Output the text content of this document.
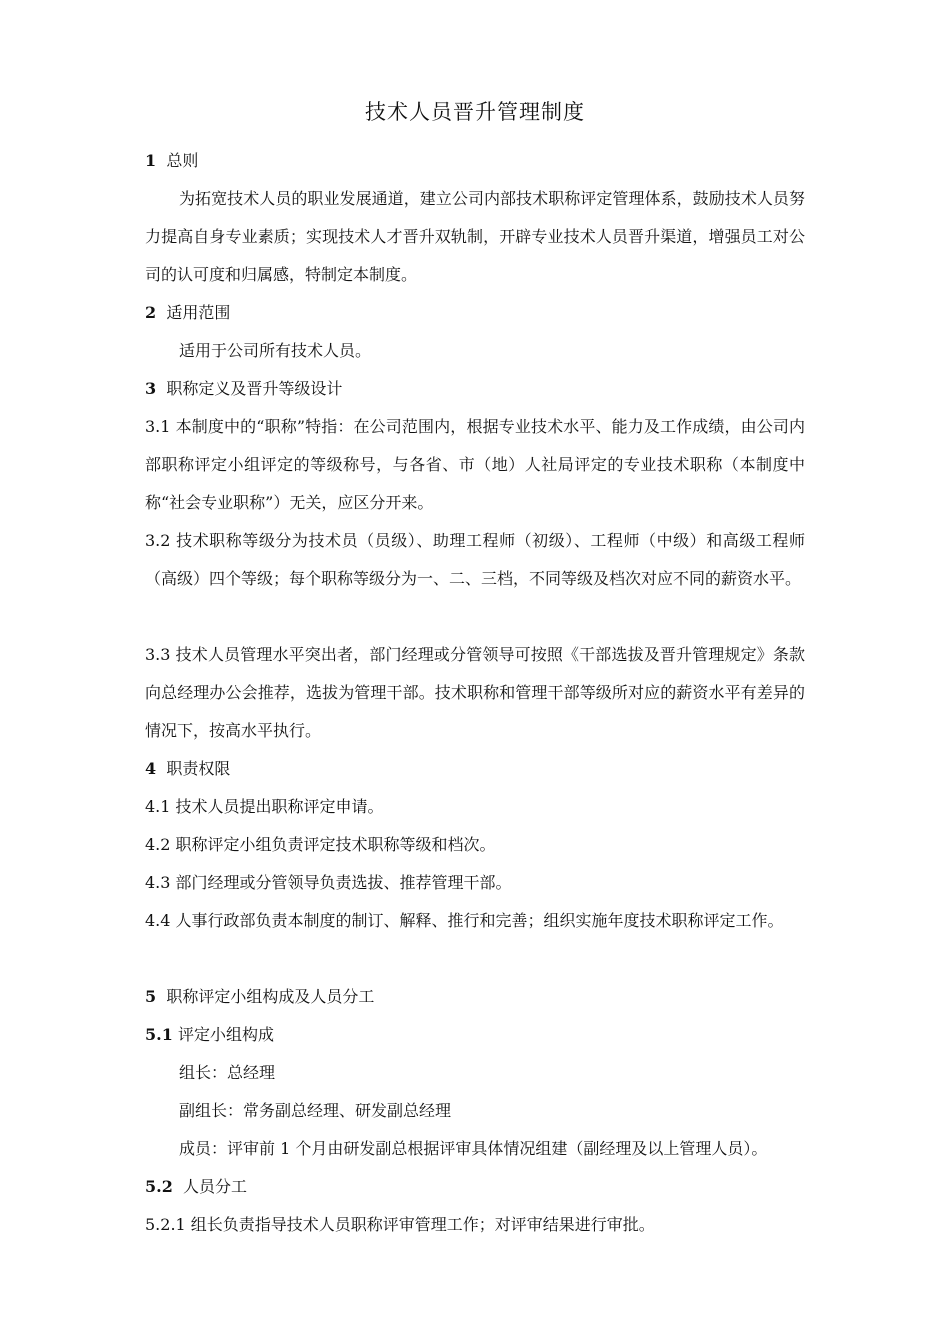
技术人员晋升管理制度

1 总则

为拓宽技术人员的职业发展通道，建立公司内部技术职称评定管理体系，鼓励技术人员努力提高自身专业素质；实现技术人才晋升双轨制，开辟专业技术人员晋升渠道，增强员工对公司的认可度和归属感，特制定本制度。

2 适用范围

适用于公司所有技术人员。

3 职称定义及晋升等级设计

3.1 本制度中的“职称”特指：在公司范围内，根据专业技术水平、能力及工作成绩，由公司内部职称评定小组评定的等级称号，与各省、市（地）人社局评定的专业技术职称（本制度中称“社会专业职称”）无关，应区分开来。

3.2 技术职称等级分为技术员（员级）、助理工程师（初级）、工程师（中级）和高级工程师（高级）四个等级；每个职称等级分为一、二、三档，不同等级及档次对应不同的薪资水平。

3.3 技术人员管理水平突出者，部门经理或分管领导可按照《干部选拔及晋升管理规定》条款向总经理办公会推荐，选拔为管理干部。技术职称和管理干部等级所对应的薪资水平有差异的情况下，按高水平执行。

4 职责权限

4.1 技术人员提出职称评定申请。

4.2 职称评定小组负责评定技术职称等级和档次。

4.3 部门经理或分管领导负责选拔、推荐管理干部。

4.4 人事行政部负责本制度的制订、解释、推行和完善；组织实施年度技术职称评定工作。

5 职称评定小组构成及人员分工

5.1 评定小组构成

组长：总经理

副组长：常务副总经理、研发副总经理

成员：评审前 1 个月由研发副总根据评审具体情况组建（副经理及以上管理人员）。

5.2 人员分工

5.2.1 组长负责指导技术人员职称评审管理工作；对评审结果进行审批。
